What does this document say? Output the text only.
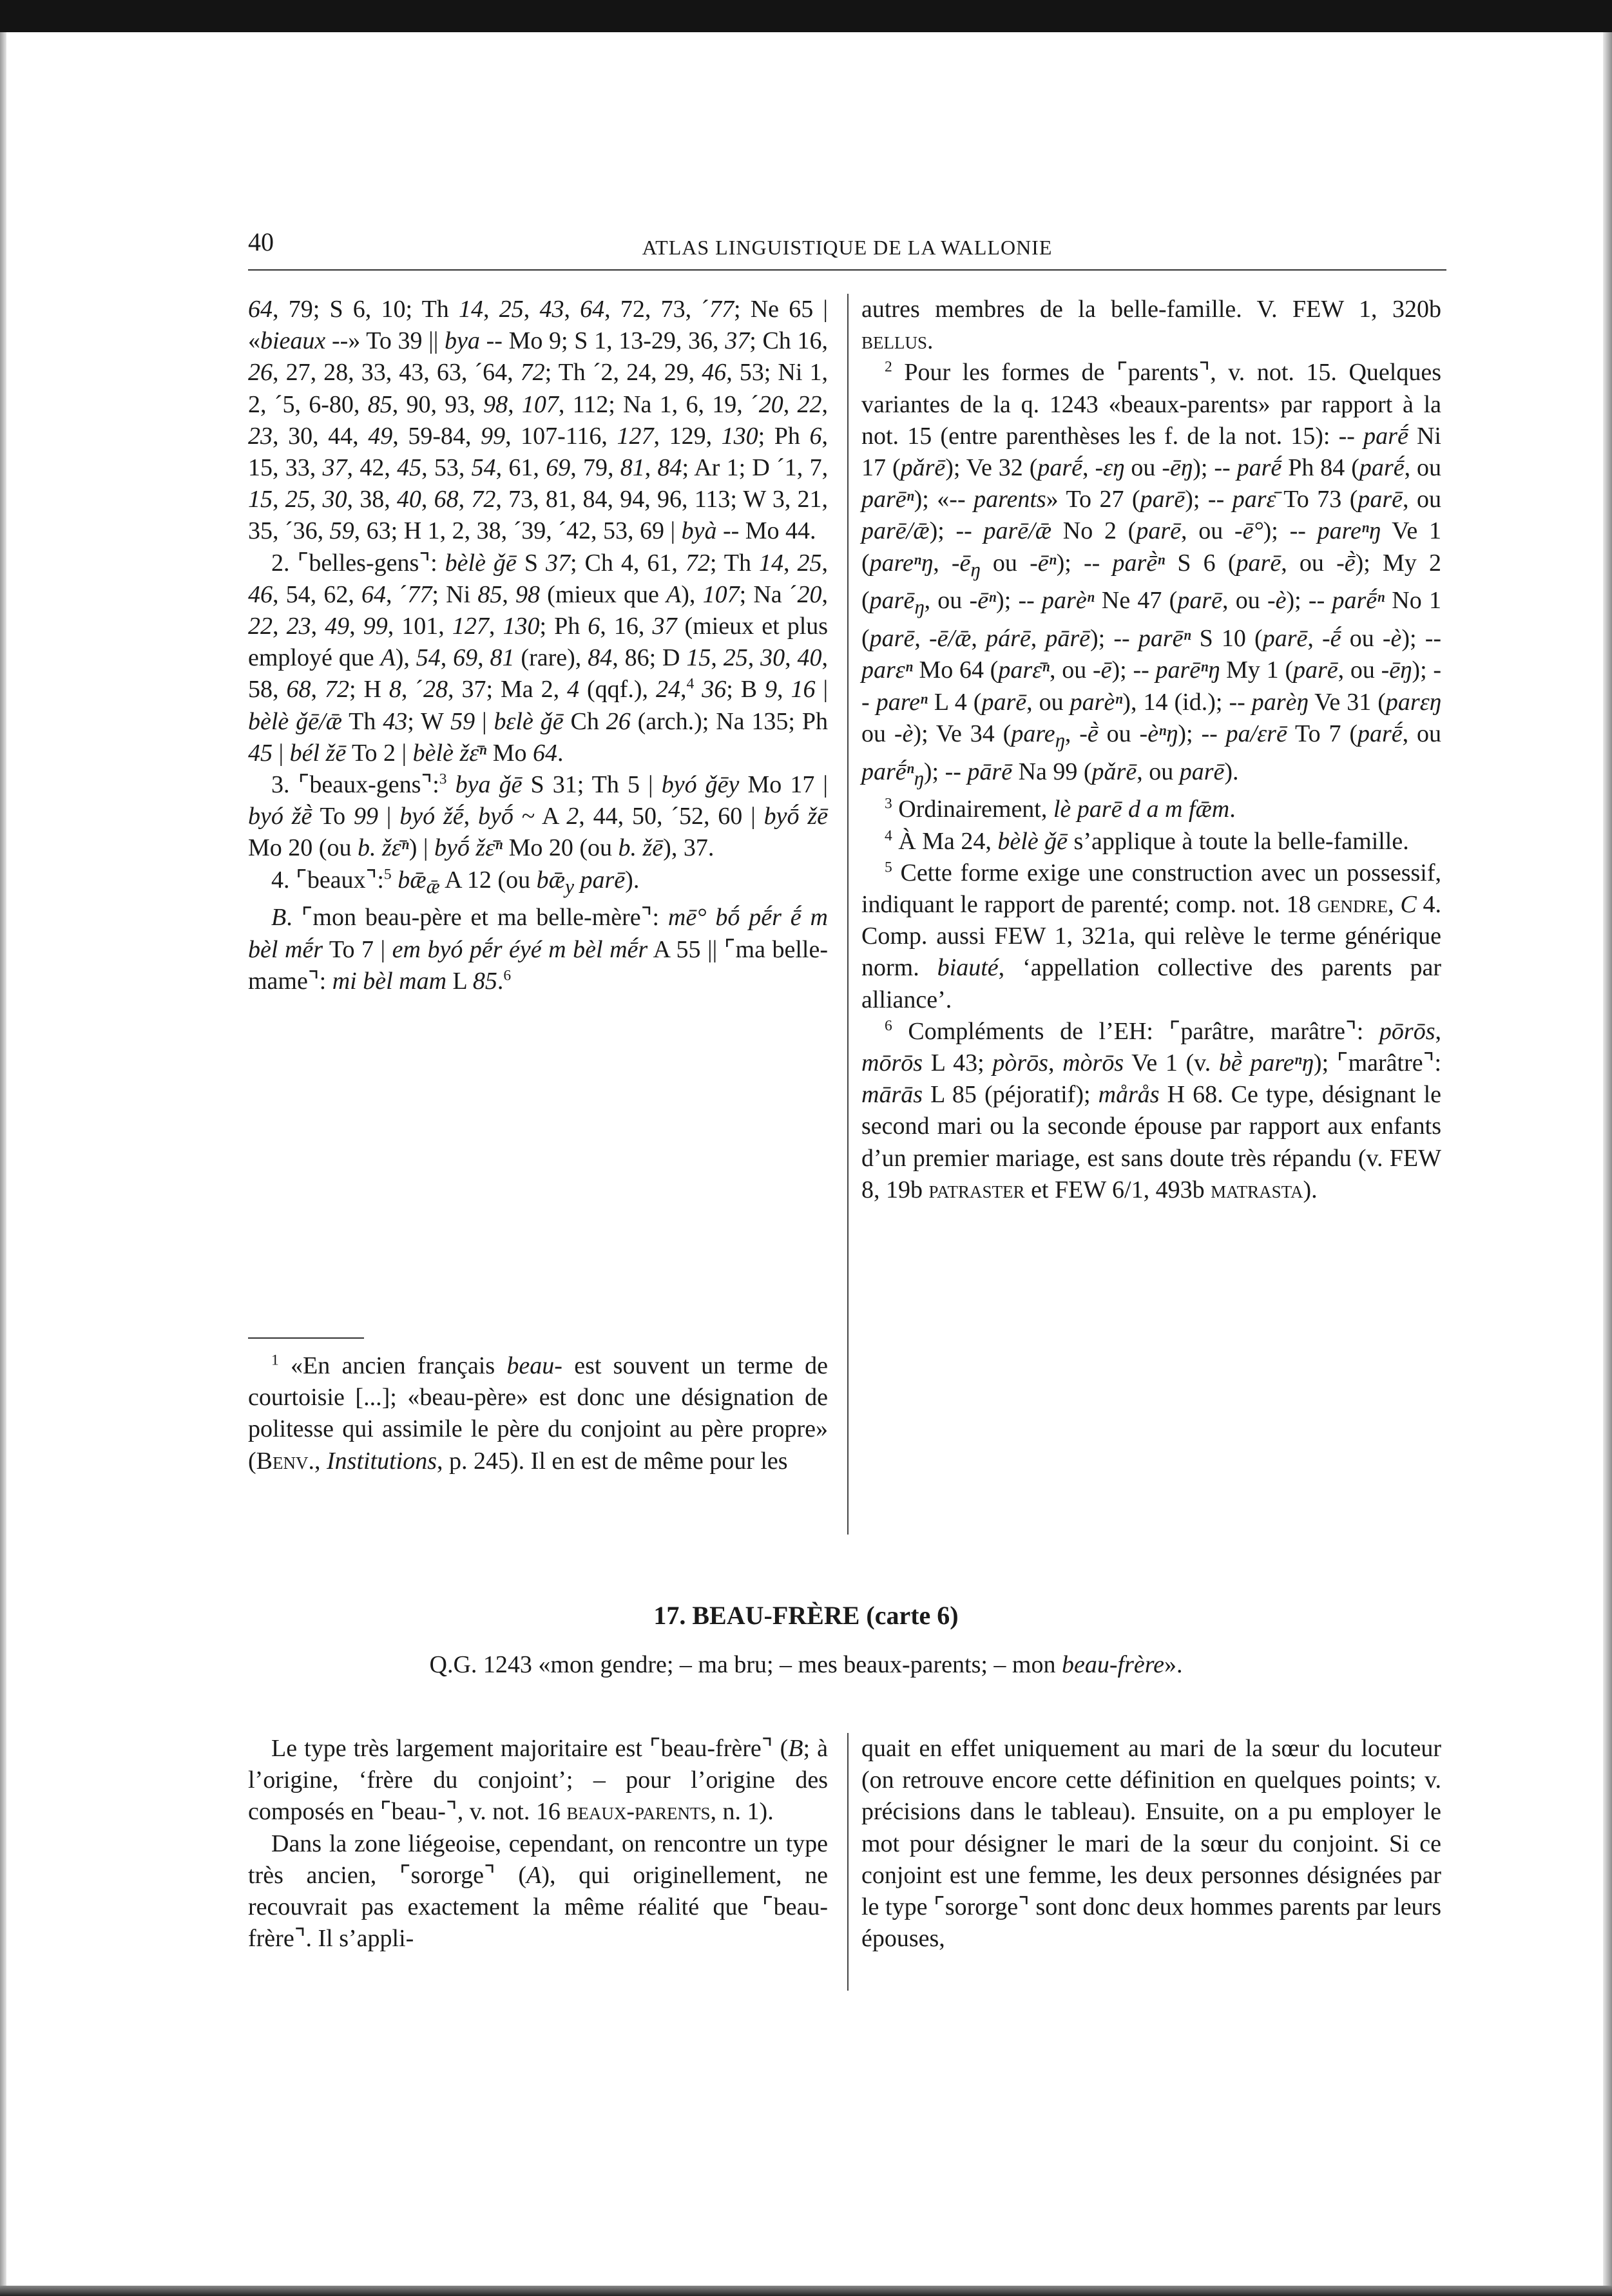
40	ATLAS LINGUISTIQUE DE LA WALLONIE

64, 79; S 6, 10; Th 14, 25, 43, 64, 72, 73, ´77; Ne 65 | «bieaux --» To 39 || bya -- Mo 9; S 1, 13-29, 36, 37; Ch 16, 26, 27, 28, 33, 43, 63, ´64, 72; Th ´2, 24, 29, 46, 53; Ni 1, 2, ´5, 6-80, 85, 90, 93, 98, 107, 112; Na 1, 6, 19, ´20, 22, 23, 30, 44, 49, 59-84, 99, 107-116, 127, 129, 130; Ph 6, 15, 33, 37, 42, 45, 53, 54, 61, 69, 79, 81, 84; Ar 1; D ´1, 7, 15, 25, 30, 38, 40, 68, 72, 73, 81, 84, 94, 96, 113; W 3, 21, 35, ´36, 59, 63; H 1, 2, 38, ´39, ´42, 53, 69 | byà -- Mo 44.

2. ⌜belles-gens⌝: bèlè ǧē S 37; Ch 4, 61, 72; Th 14, 25, 46, 54, 62, 64, ´77; Ni 85, 98 (mieux que A), 107; Na ´20, 22, 23, 49, 99, 101, 127, 130; Ph 6, 16, 37 (mieux et plus employé que A), 54, 69, 81 (rare), 84, 86; D 15, 25, 30, 40, 58, 68, 72; H 8, ´28, 37; Ma 2, 4 (qqf.), 24,$^4$ 36; B 9, 16 | bèlè ǧē/ǣ Th 43; W 59 | bɛlè ǧē Ch 26 (arch.); Na 135; Ph 45 | bél žē To 2 | bèlè žɛ̄ⁿ Mo 64.

3. ⌜beaux-gens⌝:$^3$ bya ǧē S 31; Th 5 | byó ǧēy Mo 17 | byó žḕ To 99 | byó žḗ, byṓ ~ A 2, 44, 50, ´52, 60 | byṓ žē Mo 20 (ou b. žɛ̄ⁿ) | byṓ žɛ̄ⁿ Mo 20 (ou b. žē), 37.

4. ⌜beaux⌝:$^5$ $bǣ_ǣ$ A 12 (ou $bǣ_y$ parē).

B. ⌜mon beau-père et ma belle-mère⌝: mē° bṓ pḗr ḗ m bèl mḗr To 7 | em byó pḗr éyé m bèl mḗr A 55 || ⌜ma belle-mame⌝: mi bèl mam L 85.$^6$

$^1$ «En ancien français beau- est souvent un terme de courtoisie [...]; «beau-père» est donc une désignation de politesse qui assimile le père du conjoint au père propre» (Benv., Institutions, p. 245). Il en est de même pour les

autres membres de la belle-famille. V. FEW 1, 320b bellus.

$^2$ Pour les formes de ⌜parents⌝, v. not. 15. Quelques variantes de la q. 1243 «beaux-parents» par rapport à la not. 15 (entre parenthèses les f. de la not. 15): -- parḗ Ni 17 (pǎrē); Ve 32 (parḗ, -ɛŋ ou -ēŋ); -- parḗ Ph 84 (parḗ, ou parēⁿ); «-- parents» To 27 (parē); -- parɛ̄ To 73 (parē, ou parē/ǣ); -- parē/ǣ No 2 (parē, ou -ē°); -- pareⁿŋ Ve 1 (pareⁿŋ, $-ē_ŋ$ ou -ēⁿ); -- parḕⁿ S 6 (parē, ou -ḕ); My 2 (parē$_ŋ$, ou -ēⁿ); -- parèⁿ Ne 47 (parē, ou -è); -- parḗⁿ No 1 (parē, -ē/ǣ, párē, pārē); -- parēⁿ S 10 (parē, -ḗ ou -è); -- parɛⁿ Mo 64 (parɛ̄ⁿ, ou -ē); -- parēⁿŋ My 1 (parē, ou -ēŋ); -- pareⁿ L 4 (parē, ou parèⁿ), 14 (id.); -- parèŋ Ve 31 (parɛŋ ou -è); Ve 34 (pare$_ŋ$, -ḕ ou -èⁿŋ); -- pa/ɛrē To 7 (parḗ, ou parḗⁿ$_ŋ$); -- pārē Na 99 (pǎrē, ou parē).

$^3$ Ordinairement, lè parē d a m fǣm.

$^4$ À Ma 24, bèlè ǧē s’applique à toute la belle-famille.

$^5$ Cette forme exige une construction avec un possessif, indiquant le rapport de parenté; comp. not. 18 gendre, C 4. Comp. aussi FEW 1, 321a, qui relève le terme générique norm. biauté, ‘appellation collective des parents par alliance’.

$^6$ Compléments de l’EH: ⌜parâtre, marâtre⌝: pōrōs, mōrōs L 43; pòrōs, mòrōs Ve 1 (v. bḕ pareⁿŋ); ⌜marâtre⌝: mārās L 85 (péjoratif); mårås H 68. Ce type, désignant le second mari ou la seconde épouse par rapport aux enfants d’un premier mariage, est sans doute très répandu (v. FEW 8, 19b patraster et FEW 6/1, 493b matrasta).

17. BEAU-FRÈRE (carte 6)
Q.G. 1243 «mon gendre; – ma bru; – mes beaux-parents; – mon beau-frère».

Le type très largement majoritaire est ⌜beau-frère⌝ (B; à l’origine, ‘frère du conjoint’; – pour l’origine des composés en ⌜beau-⌝, v. not. 16 beaux-parents, n. 1).

Dans la zone liégeoise, cependant, on rencontre un type très ancien, ⌜sororge⌝ (A), qui originellement, ne recouvrait pas exactement la même réalité que ⌜beau-frère⌝. Il s’appli-

quait en effet uniquement au mari de la sœur du locuteur (on retrouve encore cette définition en quelques points; v. précisions dans le tableau). Ensuite, on a pu employer le mot pour désigner le mari de la sœur du conjoint. Si ce conjoint est une femme, les deux personnes désignées par le type ⌜sororge⌝ sont donc deux hommes parents par leurs épouses,
